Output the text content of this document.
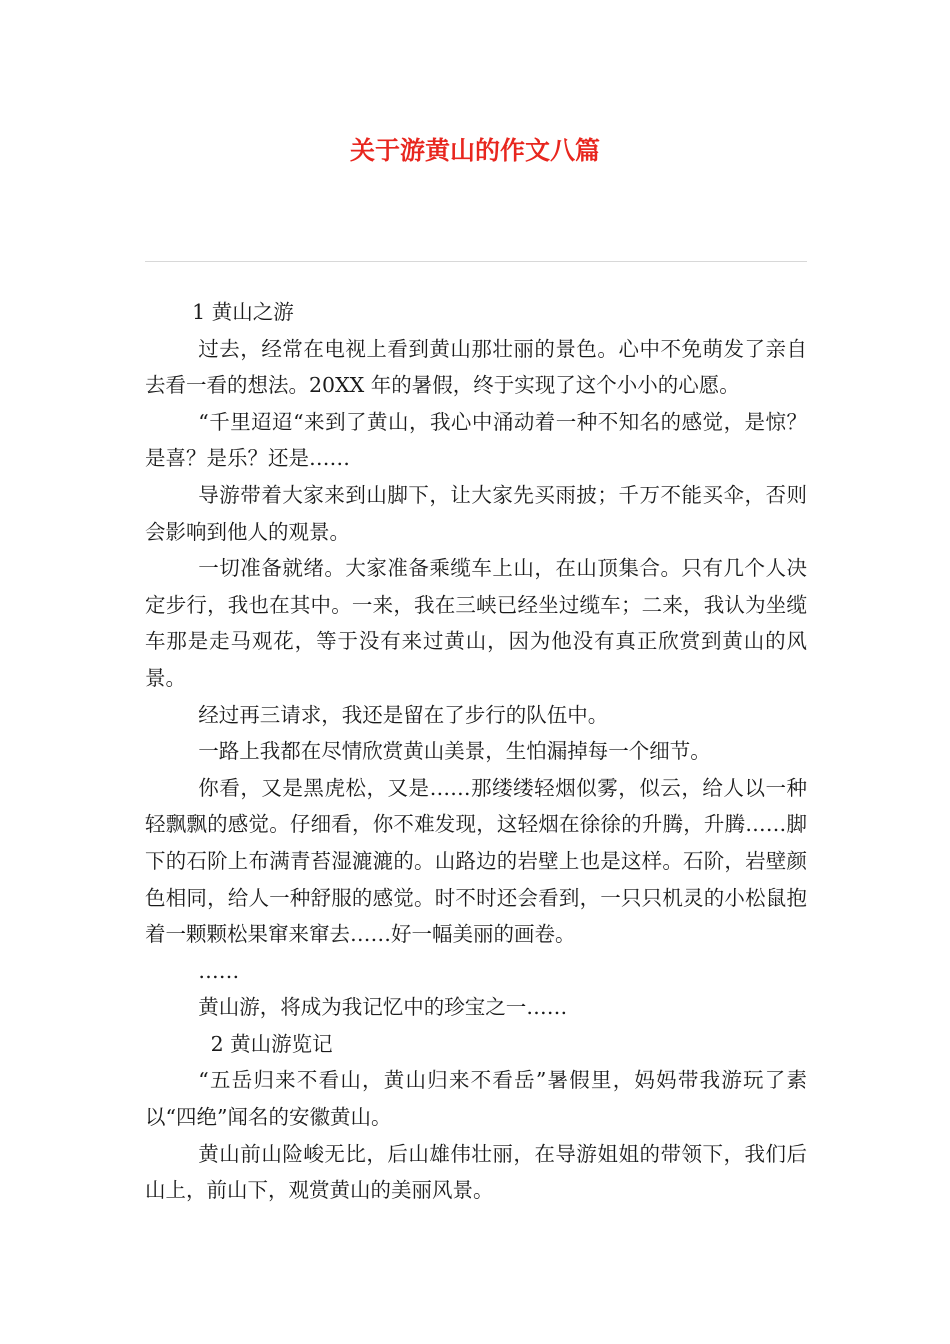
关于游黄山的作文八篇

1 黄山之游

过去，经常在电视上看到黄山那壮丽的景色。心中不免萌发了亲自去看一看的想法。20XX 年的暑假，终于实现了这个小小的心愿。

“千里迢迢“来到了黄山，我心中涌动着一种不知名的感觉，是惊？是喜？是乐？还是……

导游带着大家来到山脚下，让大家先买雨披；千万不能买伞，否则会影响到他人的观景。

一切准备就绪。大家准备乘缆车上山，在山顶集合。只有几个人决定步行，我也在其中。一来，我在三峡已经坐过缆车；二来，我认为坐缆车那是走马观花，等于没有来过黄山，因为他没有真正欣赏到黄山的风景。

经过再三请求，我还是留在了步行的队伍中。

一路上我都在尽情欣赏黄山美景，生怕漏掉每一个细节。

你看，又是黑虎松，又是……那缕缕轻烟似雾，似云，给人以一种轻飘飘的感觉。仔细看，你不难发现，这轻烟在徐徐的升腾，升腾……脚下的石阶上布满青苔湿漉漉的。山路边的岩壁上也是这样。石阶，岩壁颜色相同，给人一种舒服的感觉。时不时还会看到，一只只机灵的小松鼠抱着一颗颗松果窜来窜去……好一幅美丽的画卷。

……

黄山游，将成为我记忆中的珍宝之一……

2 黄山游览记

“五岳归来不看山，黄山归来不看岳”暑假里，妈妈带我游玩了素以“四绝”闻名的安徽黄山。

黄山前山险峻无比，后山雄伟壮丽，在导游姐姐的带领下，我们后山上，前山下，观赏黄山的美丽风景。
